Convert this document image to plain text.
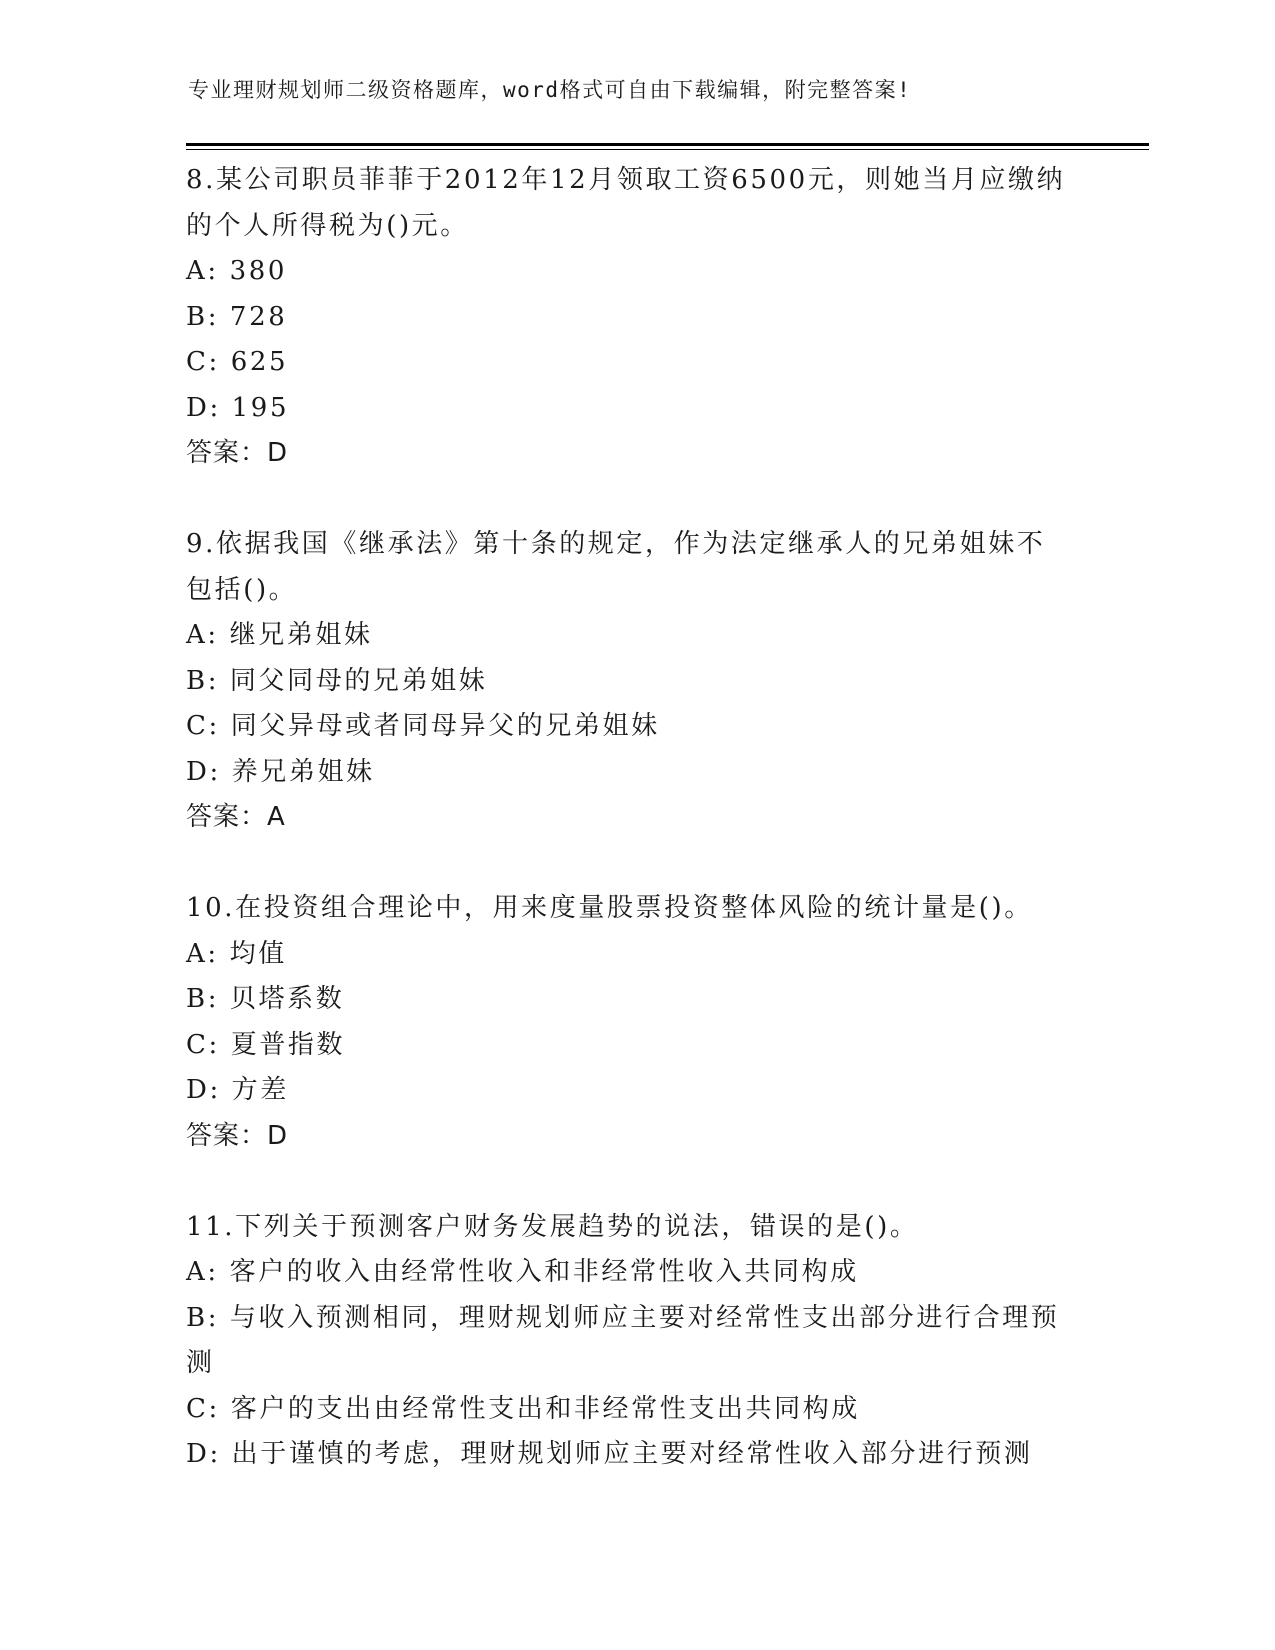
专业理财规划师二级资格题库，word格式可自由下载编辑，附完整答案!
8.某公司职员菲菲于2012年12月领取工资6500元，则她当月应缴纳
的个人所得税为()元。
A: 380
B: 728
C: 625
D: 195
答案：D
9.依据我国《继承法》第十条的规定，作为法定继承人的兄弟姐妹不
包括()。
A: 继兄弟姐妹
B: 同父同母的兄弟姐妹
C: 同父异母或者同母异父的兄弟姐妹
D: 养兄弟姐妹
答案：A
10.在投资组合理论中，用来度量股票投资整体风险的统计量是()。
A: 均值
B: 贝塔系数
C: 夏普指数
D: 方差
答案：D
11.下列关于预测客户财务发展趋势的说法，错误的是()。
A: 客户的收入由经常性收入和非经常性收入共同构成
B: 与收入预测相同，理财规划师应主要对经常性支出部分进行合理预
测
C: 客户的支出由经常性支出和非经常性支出共同构成
D: 出于谨慎的考虑，理财规划师应主要对经常性收入部分进行预测
